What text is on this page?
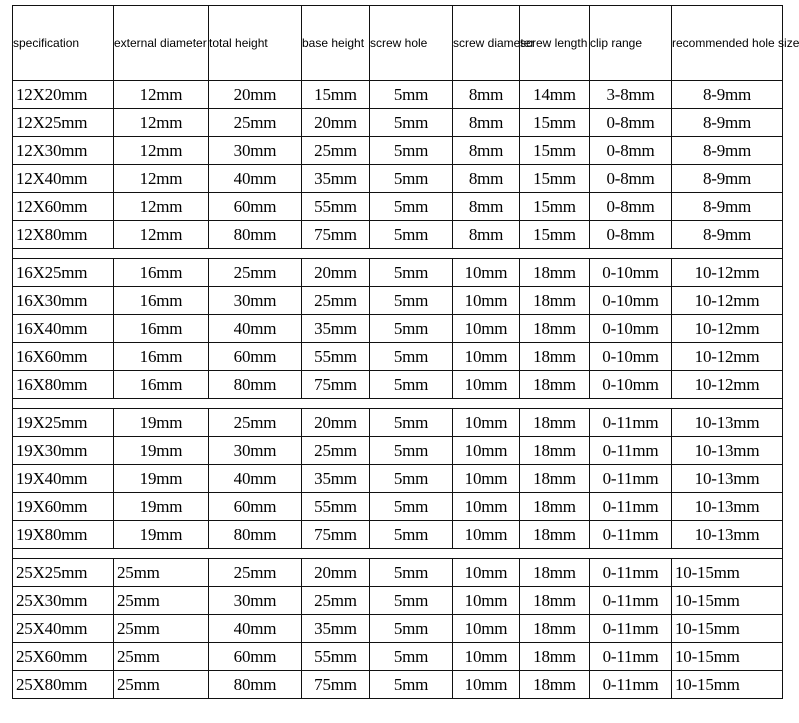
specification	external diameter	total height	base height	screw hole	screw diameter	screw length	clip range	recommended hole size
12X20mm	12mm	20mm	15mm	5mm	8mm	14mm	3-8mm	8-9mm
12X25mm	12mm	25mm	20mm	5mm	8mm	15mm	0-8mm	8-9mm
12X30mm	12mm	30mm	25mm	5mm	8mm	15mm	0-8mm	8-9mm
12X40mm	12mm	40mm	35mm	5mm	8mm	15mm	0-8mm	8-9mm
12X60mm	12mm	60mm	55mm	5mm	8mm	15mm	0-8mm	8-9mm
12X80mm	12mm	80mm	75mm	5mm	8mm	15mm	0-8mm	8-9mm

16X25mm	16mm	25mm	20mm	5mm	10mm	18mm	0-10mm	10-12mm
16X30mm	16mm	30mm	25mm	5mm	10mm	18mm	0-10mm	10-12mm
16X40mm	16mm	40mm	35mm	5mm	10mm	18mm	0-10mm	10-12mm
16X60mm	16mm	60mm	55mm	5mm	10mm	18mm	0-10mm	10-12mm
16X80mm	16mm	80mm	75mm	5mm	10mm	18mm	0-10mm	10-12mm

19X25mm	19mm	25mm	20mm	5mm	10mm	18mm	0-11mm	10-13mm
19X30mm	19mm	30mm	25mm	5mm	10mm	18mm	0-11mm	10-13mm
19X40mm	19mm	40mm	35mm	5mm	10mm	18mm	0-11mm	10-13mm
19X60mm	19mm	60mm	55mm	5mm	10mm	18mm	0-11mm	10-13mm
19X80mm	19mm	80mm	75mm	5mm	10mm	18mm	0-11mm	10-13mm

25X25mm	25mm	25mm	20mm	5mm	10mm	18mm	0-11mm	10-15mm
25X30mm	25mm	30mm	25mm	5mm	10mm	18mm	0-11mm	10-15mm
25X40mm	25mm	40mm	35mm	5mm	10mm	18mm	0-11mm	10-15mm
25X60mm	25mm	60mm	55mm	5mm	10mm	18mm	0-11mm	10-15mm
25X80mm	25mm	80mm	75mm	5mm	10mm	18mm	0-11mm	10-15mm
